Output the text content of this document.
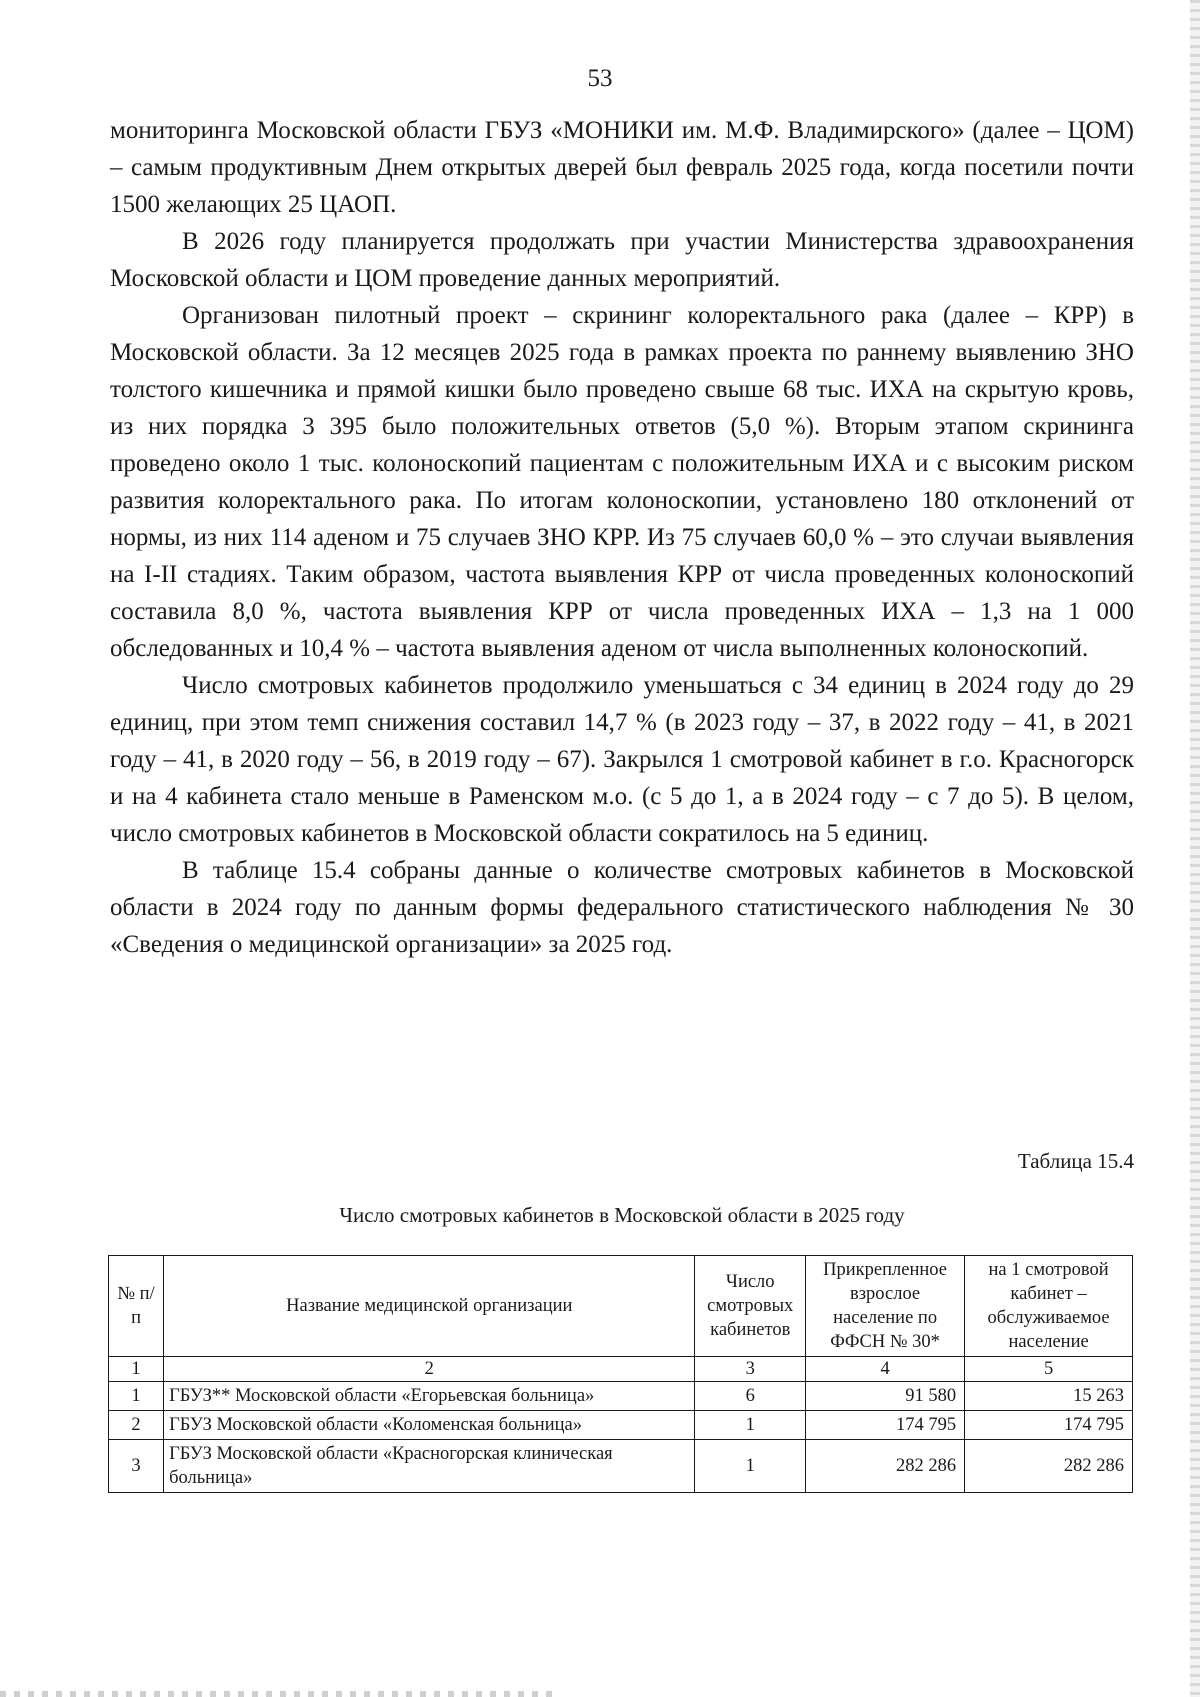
53

мониторинга Московской области ГБУЗ «МОНИКИ им. М.Ф. Владимирского» (далее – ЦОМ) – самым продуктивным Днем открытых дверей был февраль 2025 года, когда посетили почти 1500 желающих 25 ЦАОП.

В 2026 году планируется продолжать при участии Министерства здравоохранения Московской области и ЦОМ проведение данных мероприятий.

Организован пилотный проект – скрининг колоректального рака (далее – КРР) в Московской области. За 12 месяцев 2025 года в рамках проекта по раннему выявлению ЗНО толстого кишечника и прямой кишки было проведено свыше 68 тыс. ИХА на скрытую кровь, из них порядка 3 395 было положительных ответов (5,0 %). Вторым этапом скрининга проведено около 1 тыс. колоноскопий пациентам с положительным ИХА и с высоким риском развития колоректального рака. По итогам колоноскопии, установлено 180 отклонений от нормы, из них 114 аденом и 75 случаев ЗНО КРР. Из 75 случаев 60,0 % – это случаи выявления на I-II стадиях. Таким образом, частота выявления КРР от числа проведенных колоноскопий составила 8,0 %, частота выявления КРР от числа проведенных ИХА – 1,3 на 1 000 обследованных и 10,4 % – частота выявления аденом от числа выполненных колоноскопий.

Число смотровых кабинетов продолжило уменьшаться с 34 единиц в 2024 году до 29 единиц, при этом темп снижения составил 14,7 % (в 2023 году – 37, в 2022 году – 41, в 2021 году – 41, в 2020 году – 56, в 2019 году – 67). Закрылся 1 смотровой кабинет в г.о. Красногорск и на 4 кабинета стало меньше в Раменском м.о. (с 5 до 1, а в 2024 году – с 7 до 5). В целом, число смотровых кабинетов в Московской области сократилось на 5 единиц.

В таблице 15.4 собраны данные о количестве смотровых кабинетов в Московской области в 2024 году по данным формы федерального статистического наблюдения № 30 «Сведения о медицинской организации» за 2025 год.

Таблица 15.4
Число смотровых кабинетов в Московской области в 2025 году
№ п/п	Название медицинской организации	Число смотровых кабинетов	Прикрепленное взрослое население по ФФСН № 30*	на 1 смотровой кабинет – обслуживаемое население
1	2	3	4	5
1	ГБУЗ** Московской области «Егорьевская больница»	6	91 580	15 263
2	ГБУЗ Московской области «Коломенская больница»	1	174 795	174 795
3	ГБУЗ Московской области «Красногорская клиническая больница»	1	282 286	282 286
